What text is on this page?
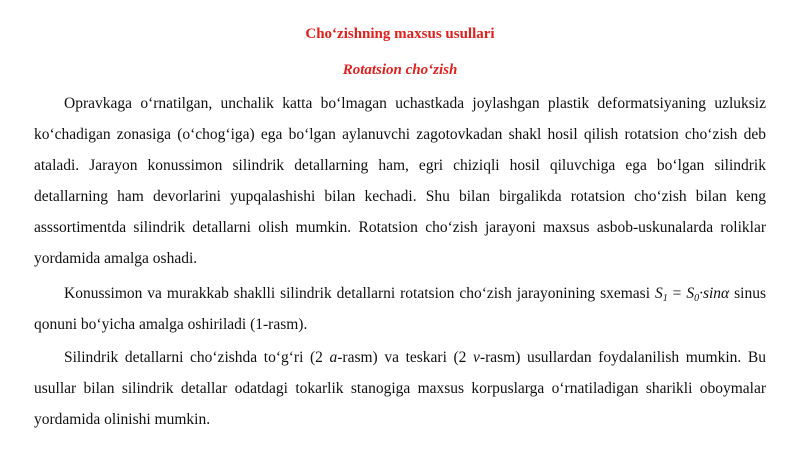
Cho‘zishning maxsus usullari
Rotatsion cho‘zish

Opravkaga o‘rnatilgan, unchalik katta bo‘lmagan uchastkada joylashgan plastik deformatsiyaning uzluksiz ko‘chadigan zonasiga (o‘chog‘iga) ega bo‘lgan aylanuvchi zagotovkadan shakl hosil qilish rotatsion cho‘zish deb ataladi. Jarayon konussimon silindrik detallarning ham, egri chiziqli hosil qiluvchiga ega bo‘lgan silindrik detallarning ham devorlarini yupqalashishi bilan kechadi. Shu bilan birgalikda rotatsion cho‘zish bilan keng asssortimentda silindrik detallarni olish mumkin. Rotatsion cho‘zish jarayoni maxsus asbob-uskunalarda roliklar yordamida amalga oshadi.

Konussimon va murakkab shaklli silindrik detallarni rotatsion cho‘zish jarayonining sxemasi $S_1 = S_0\cdot\sin\alpha$ sinus qonuni bo‘yicha amalga oshiriladi (1-rasm).

Silindrik detallarni cho‘zishda to‘g‘ri (2 a-rasm) va teskari (2 v-rasm) usullardan foydalanilish mumkin. Bu usullar bilan silindrik detallar odatdagi tokarlik stanogiga maxsus korpuslarga o‘rnatiladigan sharikli oboymalar yordamida olinishi mumkin.
